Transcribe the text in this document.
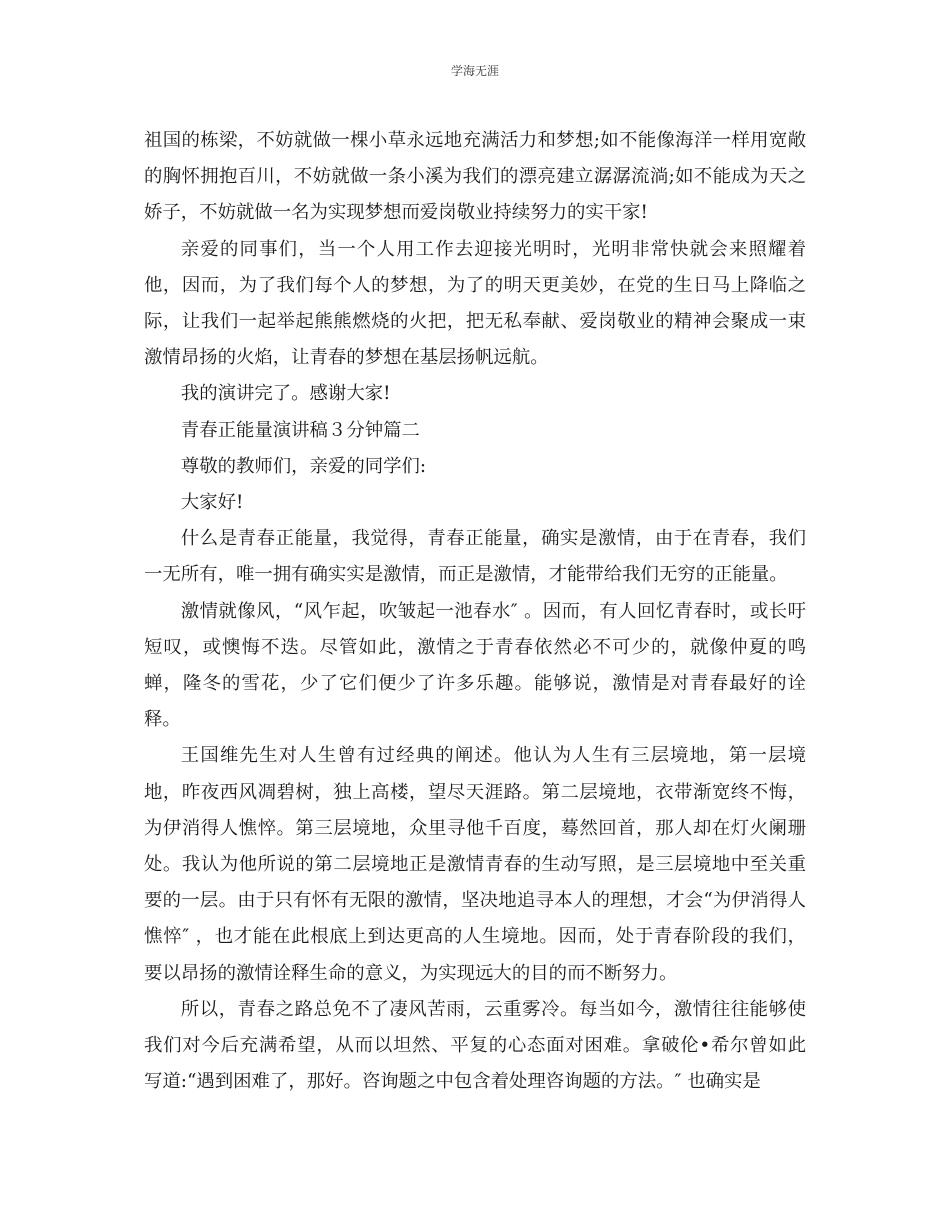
学海无涯

祖国的栋梁，不妨就做一棵小草永远地充满活力和梦想;如不能像海洋一样用宽敞
的胸怀拥抱百川，不妨就做一条小溪为我们的漂亮建立潺潺流淌;如不能成为天之
娇子，不妨就做一名为实现梦想而爱岗敬业持续努力的实干家!

亲爱的同事们，当一个人用工作去迎接光明时，光明非常快就会来照耀着
他，因而，为了我们每个人的梦想，为了的明天更美妙，在党的生日马上降临之
际，让我们一起举起熊熊燃烧的火把，把无私奉献、爱岗敬业的精神会聚成一束
激情昂扬的火焰，让青春的梦想在基层扬帆远航。

我的演讲完了。感谢大家!

青春正能量演讲稿３分钟篇二

尊敬的教师们，亲爱的同学们:

大家好!

什么是青春正能量，我觉得，青春正能量，确实是激情，由于在青春，我们
一无所有，唯一拥有确实实是激情，而正是激情，才能带给我们无穷的正能量。

激情就像风，“风乍起，吹皱起一池春水″ 。因而，有人回忆青春时，或长吁
短叹，或懊悔不迭。尽管如此，激情之于青春依然必不可少的，就像仲夏的鸣
蝉，隆冬的雪花，少了它们便少了许多乐趣。能够说，激情是对青春最好的诠
释。

王国维先生对人生曾有过经典的阐述。他认为人生有三层境地，第一层境
地，昨夜西风凋碧树，独上高楼，望尽天涯路。第二层境地，衣带渐宽终不悔，
为伊消得人憔悴。第三层境地，众里寻他千百度，蓦然回首，那人却在灯火阑珊
处。我认为他所说的第二层境地正是激情青春的生动写照，是三层境地中至关重
要的一层。由于只有怀有无限的激情，坚决地追寻本人的理想，才会“为伊消得人
憔悴″ ，也才能在此根底上到达更高的人生境地。因而，处于青春阶段的我们，
要以昂扬的激情诠释生命的意义，为实现远大的目的而不断努力。

所以，青春之路总免不了凄风苦雨，云重雾冷。每当如今，激情往往能够使
我们对今后充满希望，从而以坦然、平复的心态面对困难。拿破伦•希尔曾如此
写道:“遇到困难了，那好。咨询题之中包含着处理咨询题的方法。″ 也确实是
